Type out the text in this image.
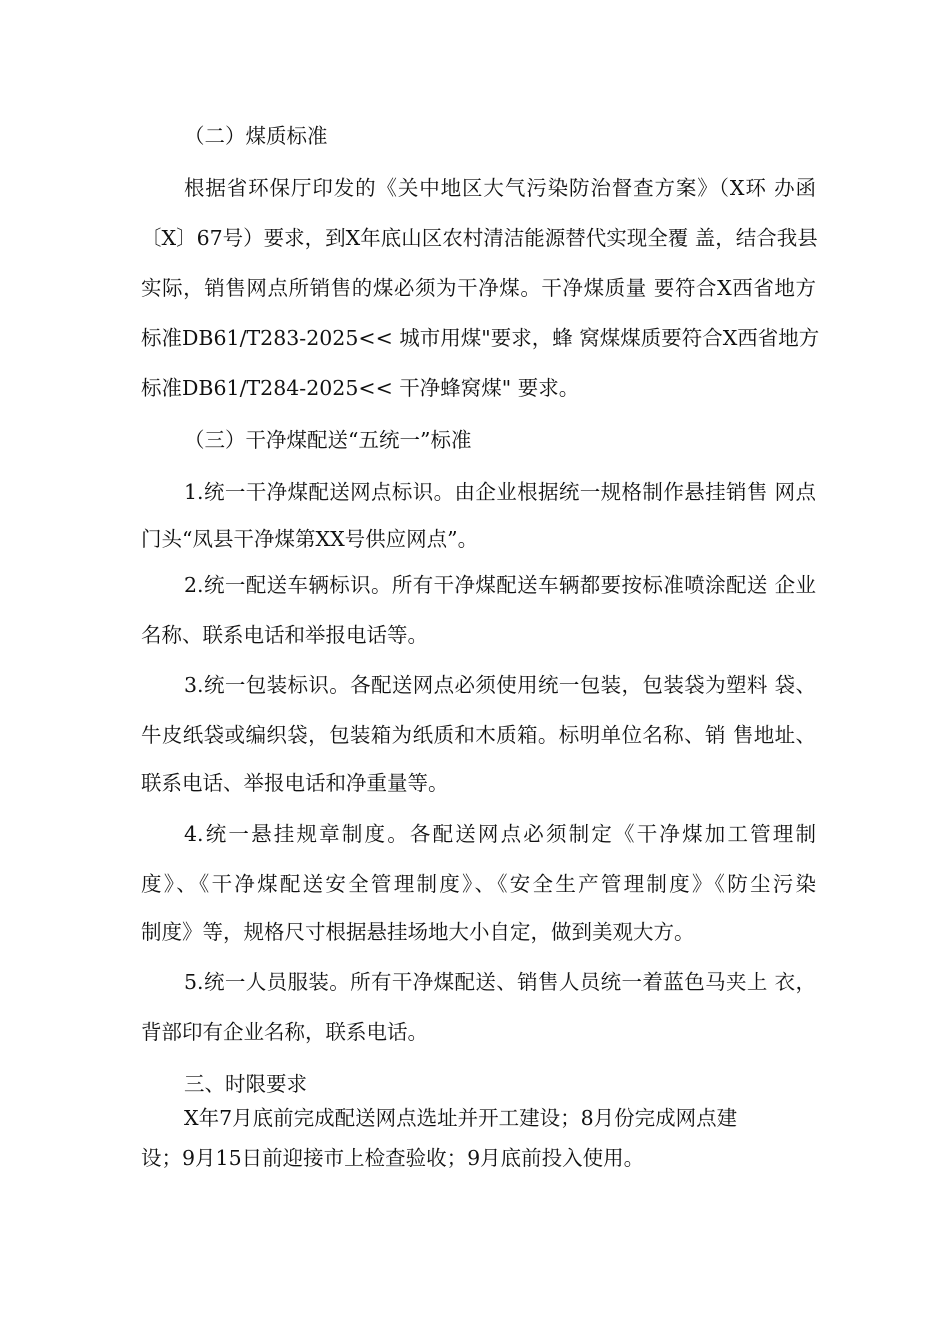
（二）煤质标准

根据省环保厅印发的《关中地区大气污染防治督查方案》（X环 办函

〔X〕67号）要求，到X年底山区农村清洁能源替代实现全覆 盖，结合我县

实际，销售网点所销售的煤必须为干净煤。干净煤质量 要符合X西省地方

标准DB61/T283-2025<< 城市用煤"要求，蜂 窝煤煤质要符合X西省地方

标准DB61/T284-2025<< 干净蜂窝煤" 要求。

（三）干净煤配送“五统一”标准

1.统一干净煤配送网点标识。由企业根据统一规格制作悬挂销售 网点

门头“凤县干净煤第XX号供应网点”。

2.统一配送车辆标识。所有干净煤配送车辆都要按标准喷涂配送 企业

名称、联系电话和举报电话等。

3.统一包装标识。各配送网点必须使用统一包装，包装袋为塑料 袋、

牛皮纸袋或编织袋，包装箱为纸质和木质箱。标明单位名称、销 售地址、

联系电话、举报电话和净重量等。

4.统一悬挂规章制度。各配送网点必须制定《干净煤加工管理制

度》、《干净煤配送安全管理制度》、《安全生产管理制度》《防尘污染

制度》等，规格尺寸根据悬挂场地大小自定，做到美观大方。

5.统一人员服装。所有干净煤配送、销售人员统一着蓝色马夹上 衣，

背部印有企业名称，联系电话。

三、时限要求

X年7月底前完成配送网点选址并开工建设；8月份完成网点建

设；9月15日前迎接市上检查验收；9月底前投入使用。
